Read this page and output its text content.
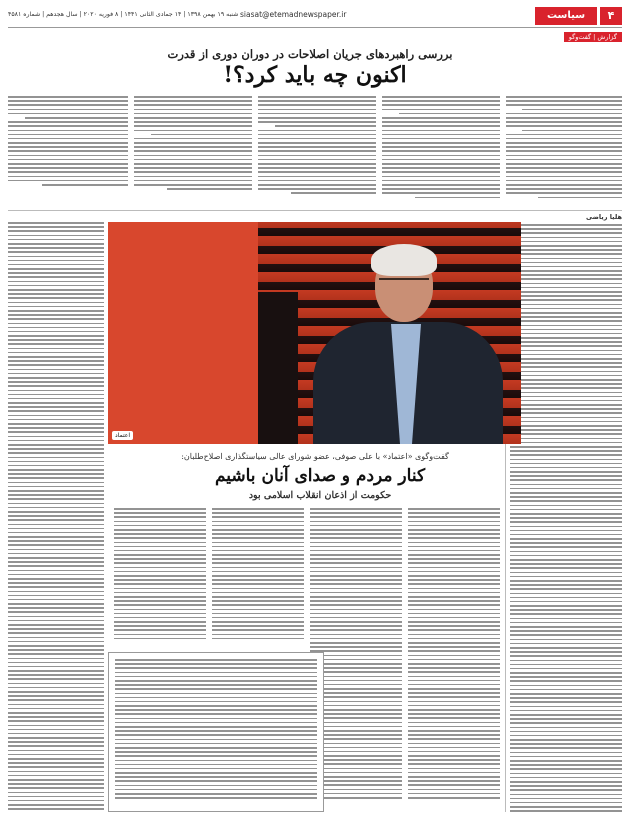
۴
سیاست
siasat@etemadnewspaper.ir
شنبه ۱۹ بهمن ۱۳۹۸ | ۱۴ جمادی الثانی ۱۴۴۱ | ۸ فوریه ۲۰۲۰ | سال هجدهم | شماره ۴۵۸۱
گزارش | گفت‌وگو
بررسی راهبردهای جریان اصلاحات در دوران دوری از قدرت
اکنون چه باید کرد؟!
هلیا ریاضی
اعتماد
گفت‌وگوی «اعتماد» با علی صوفی، عضو شورای عالی سیاستگذاری اصلاح‌طلبان:
کنار مردم و صدای آنان باشیم
حکومت از اذعان انقلاب اسلامی بود
